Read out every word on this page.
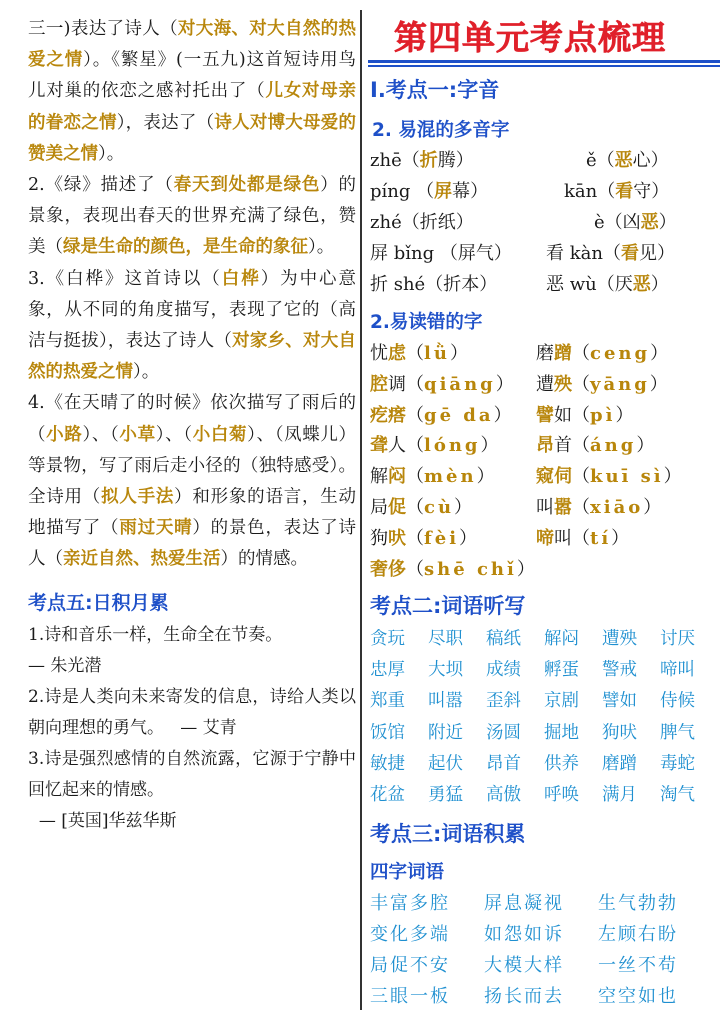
三一)表达了诗人（对大海、对大自然的热爱之情）。《繁星》(一五九)这首短诗用鸟儿对巢的依恋之感衬托出了（儿女对母亲的眷恋之情），表达了（诗人对博大母爱的赞美之情）。

2.《绿》描述了（春天到处都是绿色）的景象，表现出春天的世界充满了绿色，赞美（绿是生命的颜色，是生命的象征）。

3.《白桦》这首诗以（白桦）为中心意象，从不同的角度描写，表现了它的（高洁与挺拔），表达了诗人（对家乡、对大自然的热爱之情）。

4.《在天晴了的时候》依次描写了雨后的（小路）、（小草）、（小白菊）、（凤蝶儿）等景物，写了雨后走小径的（独特感受）。全诗用（拟人手法）和形象的语言，生动地描写了（雨过天晴）的景色，表达了诗人（亲近自然、热爱生活）的情感。

考点五:日积月累

1.诗和音乐一样，生命全在节奏。

— 朱光潜

2.诗是人类向未来寄发的信息，诗给人类以朝向理想的勇气。 — 艾青

3.诗是强烈感情的自然流露，它源于宁静中回忆起来的情感。

— [英国]华兹华斯

第四单元考点梳理
I.考点一:字音
2. 易混的多音字
zhē（折腾）	ě（恶心）
píng （屏幕）	kān（看守）
zhé（折纸）	è（凶恶）
屏 bǐng （屏气） 看 kàn（看见）
折 shé（折本）	恶 wù（厌恶）
2.易读错的字
忧虑（lǜ）	磨蹭（ceng）
腔调（qiāng） 遭殃（yāng）
疙瘩（gē da） 譬如（pì）
聋人（lóng） 昂首（áng）
解闷（mèn） 窥伺（kuī sì）
局促（cù）	叫嚣（xiāo）
狗吠（fèi）	啼叫（tí）
奢侈（shē chǐ）
考点二:词语听写
贪玩 尽职 稿纸 解闷 遭殃 讨厌
忠厚 大坝 成绩 孵蛋 警戒 啼叫
郑重 叫嚣 歪斜 京剧 譬如 侍候
饭馆 附近 汤圆 掘地 狗吠 脾气
敏捷 起伏 昂首 供养 磨蹭 毒蛇
花盆 勇猛 高傲 呼唤 满月 淘气
考点三:词语积累
四字词语
丰富多腔 屏息凝视 生气勃勃
变化多端 如怨如诉 左顾右盼
局促不安 大模大样 一丝不苟
三眼一板 扬长而去 空空如也
